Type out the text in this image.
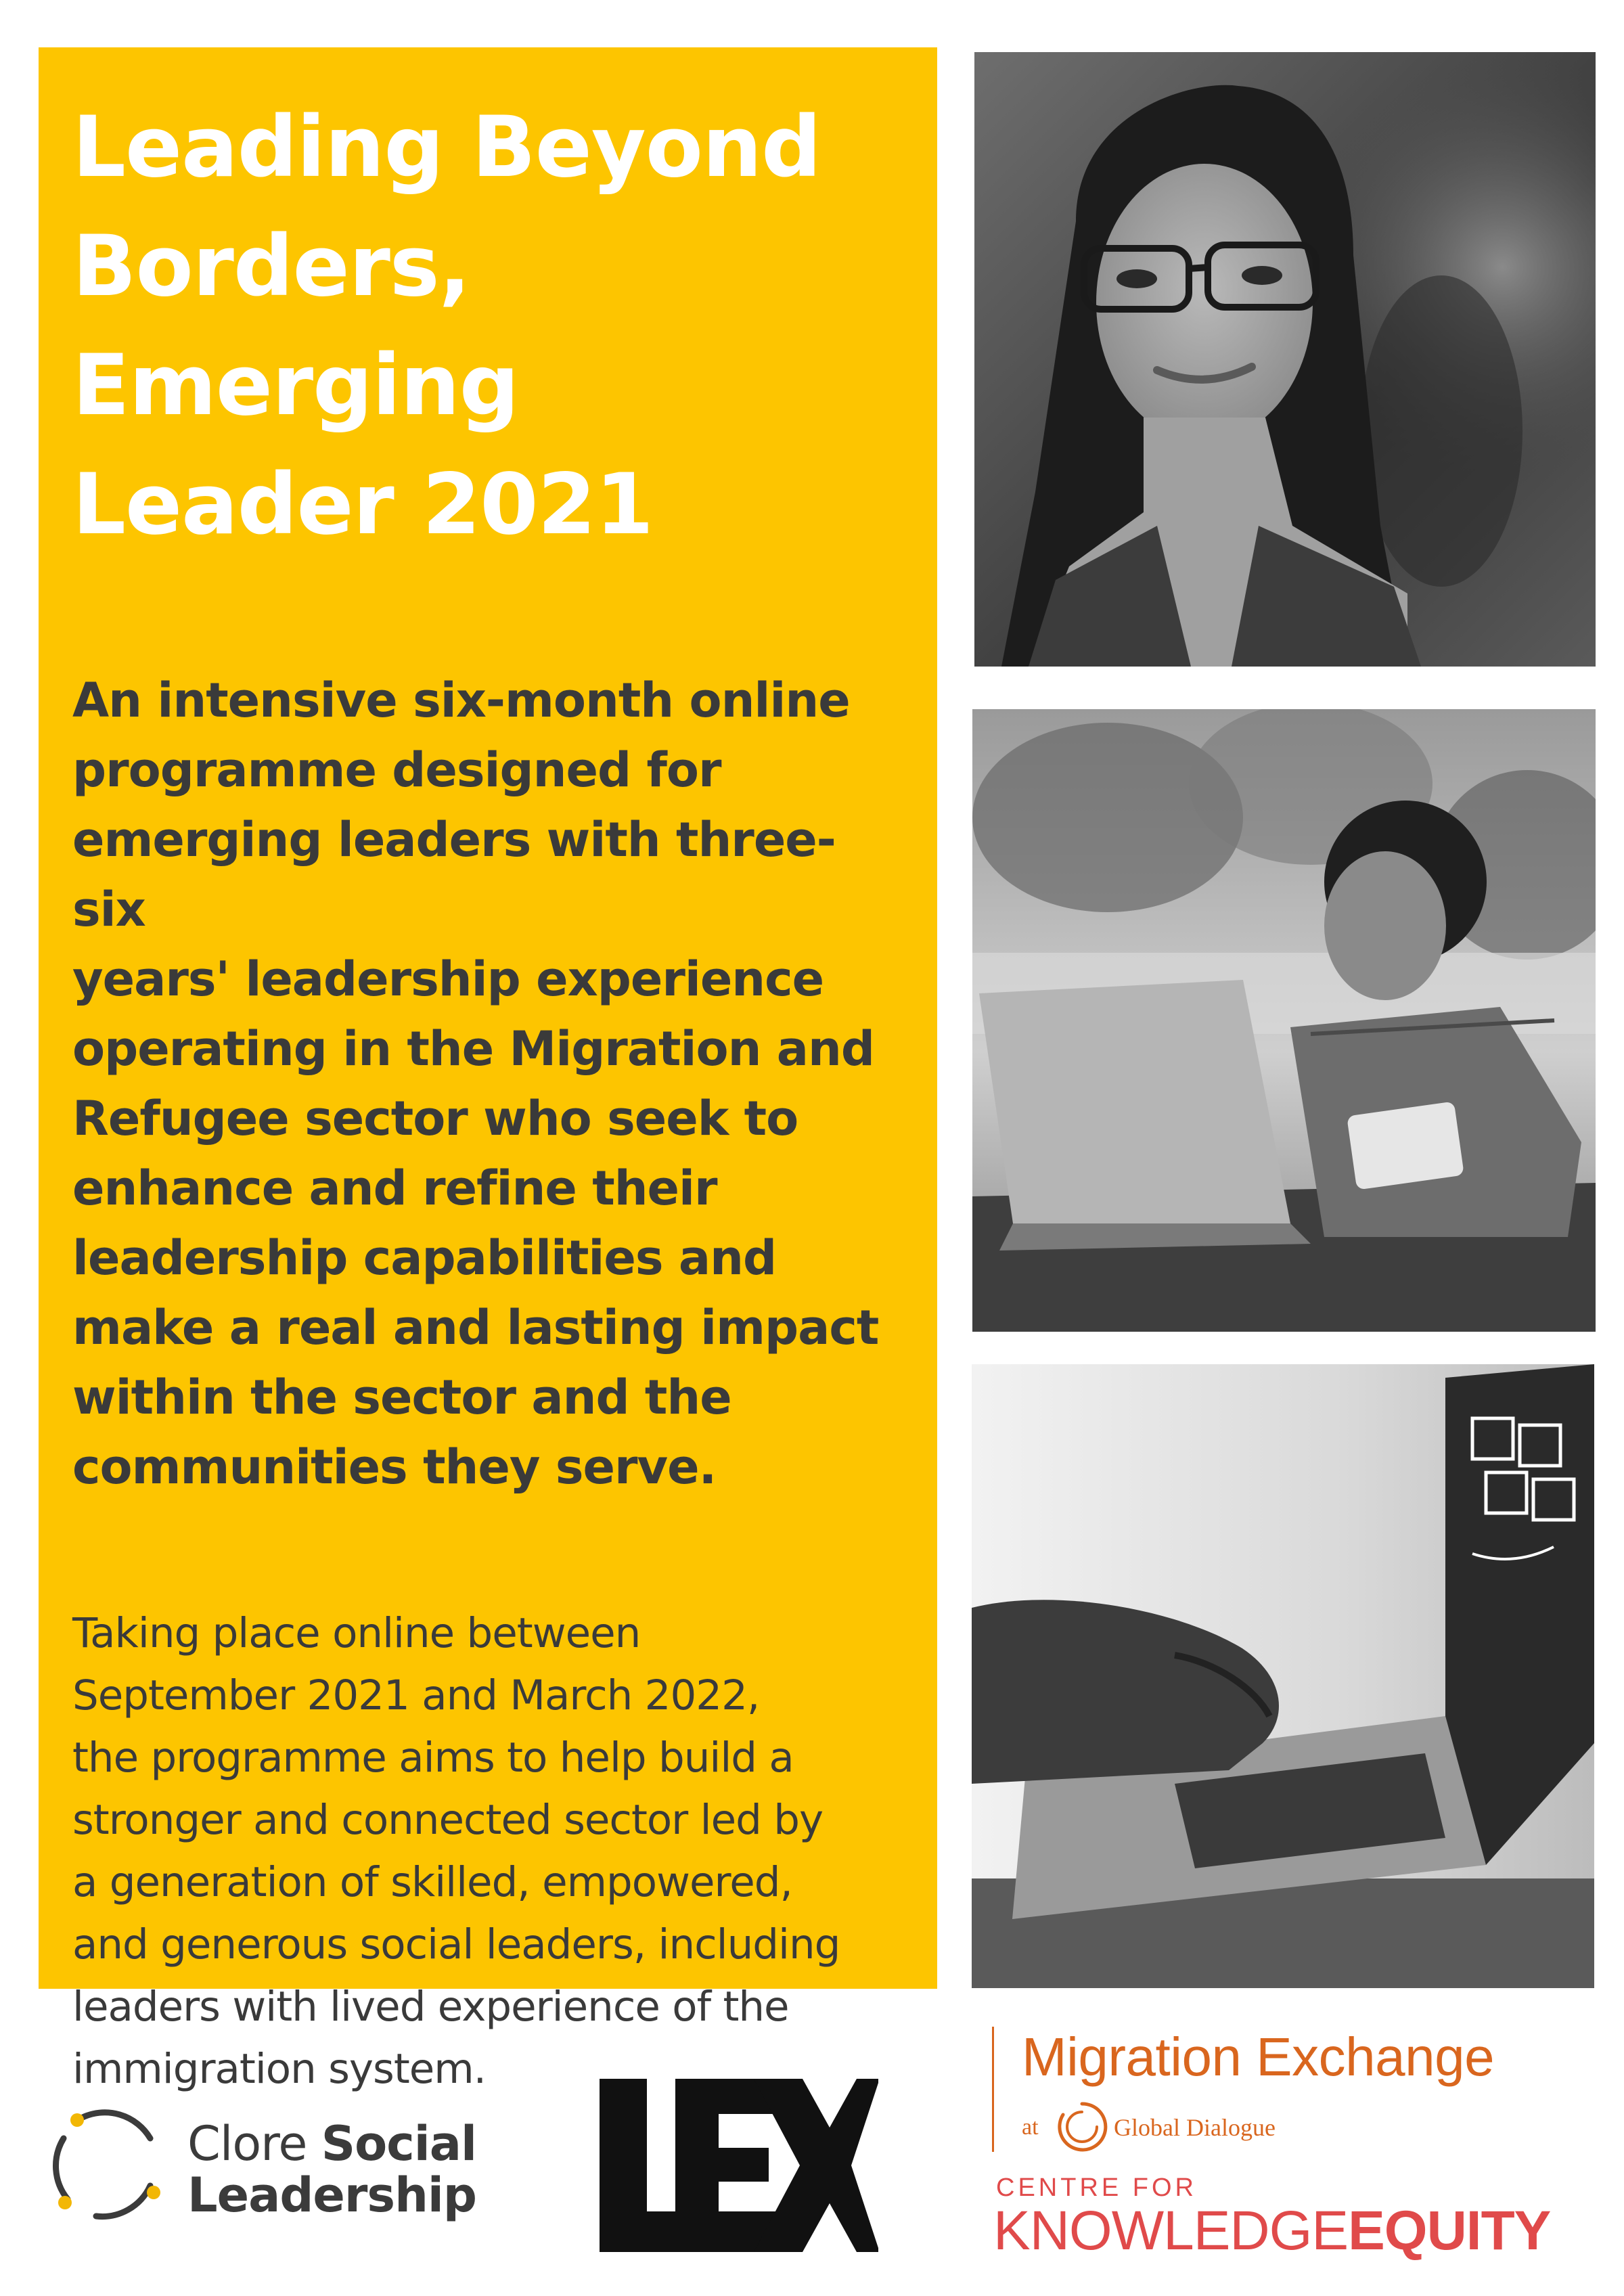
Leading Beyond
Borders, Emerging
Leader 2021

An intensive six-month online
programme designed for
emerging leaders with three-six
years' leadership experience
operating in the Migration and
Refugee sector who seek to
enhance and refine their
leadership capabilities and
make a real and lasting impact
within the sector and the
communities they serve.

Taking place online between
September 2021 and March 2022,
the programme aims to help build a
stronger and connected sector led by
a generation of skilled, empowered,
and generous social leaders, including
leaders with lived experience of the
immigration system.

Clore Social
Leadership
Migration Exchange
at	Global Dialogue
CENTRE FOR
KNOWLEDGEEQUITY
